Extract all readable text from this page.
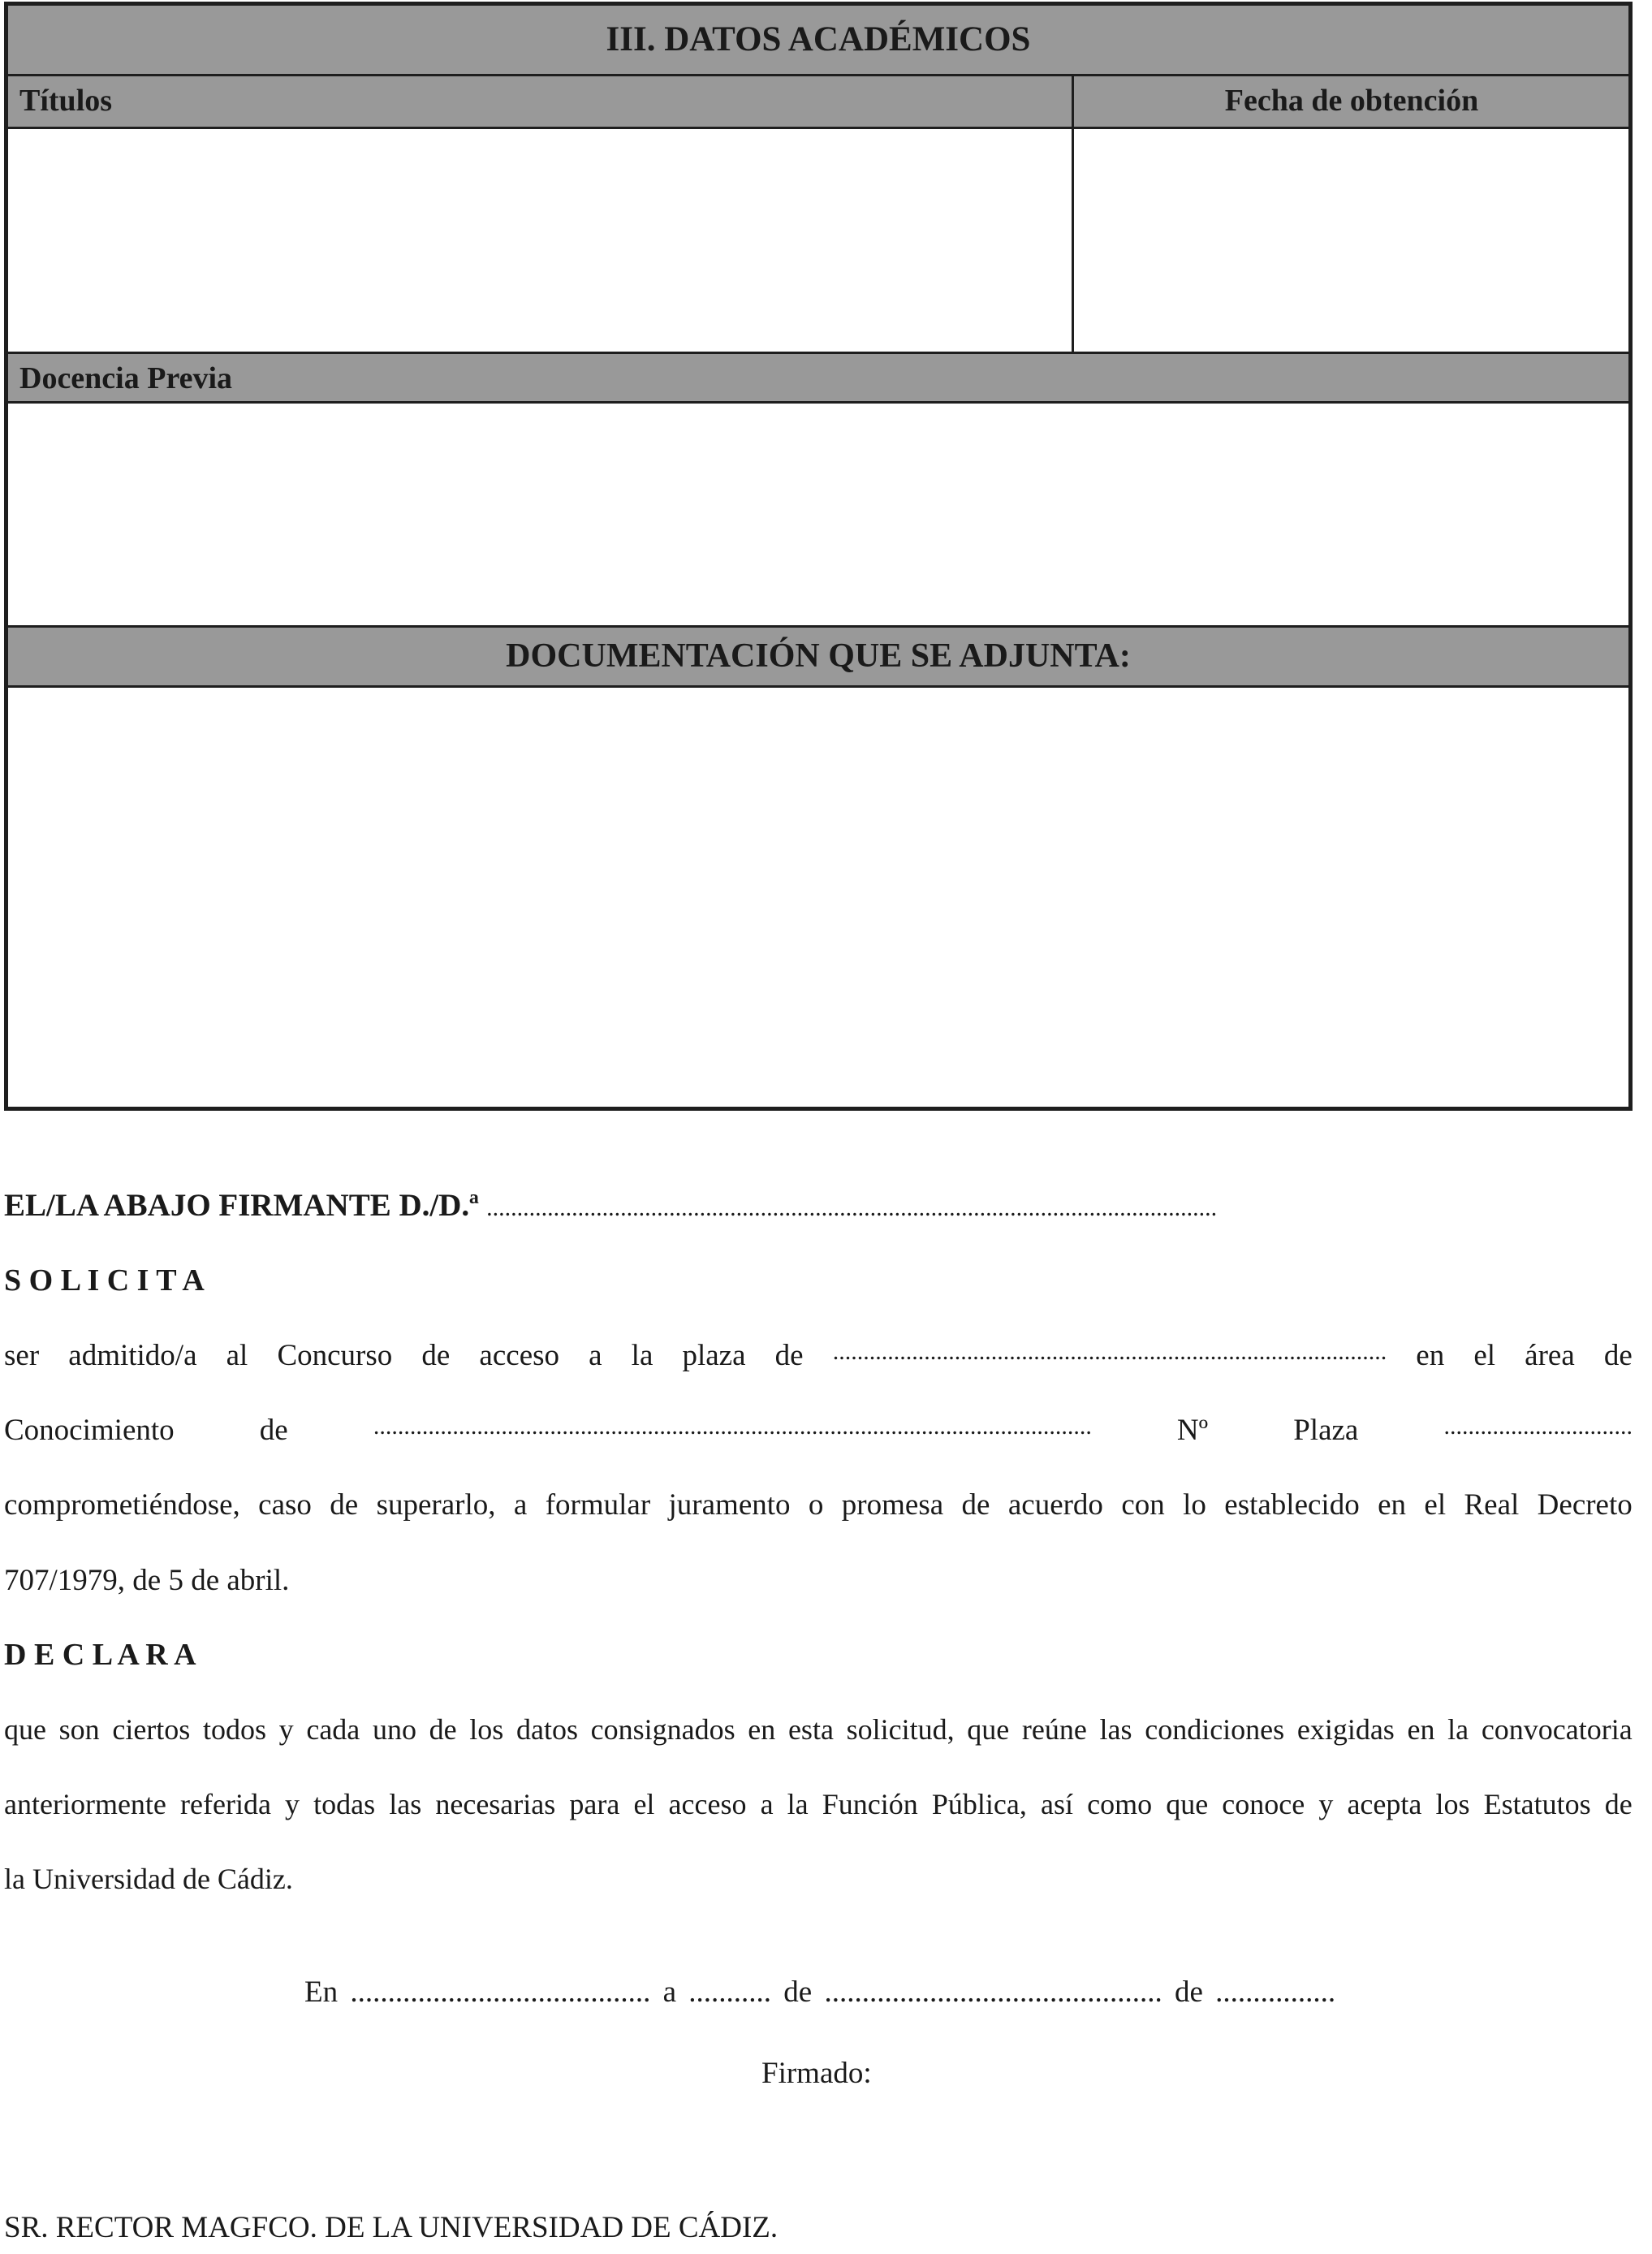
III. DATOS ACADÉMICOS
Títulos	Fecha de obtención
Docencia Previa
DOCUMENTACIÓN QUE SE ADJUNTA:
EL/LA ABAJO FIRMANTE D./D.ª ........................................................................................................................
S O L I C I T A
ser admitido/a al Concurso de acceso a la plaza de ........................................................................................... en el área de
Conocimiento	de	......................................................................................................................	Nº	Plaza	...............................
comprometiéndose, caso de superarlo, a formular juramento o promesa de acuerdo con lo establecido en el Real Decreto
707/1979, de 5 de abril.
D E C L A R A
que son ciertos todos y cada uno de los datos consignados en esta solicitud, que reúne las condiciones exigidas en la convocatoria
anteriormente referida y todas las necesarias para el acceso a la Función Pública, así como que conoce y acepta los Estatutos de
la Universidad de Cádiz.
En ........................................ a ........... de ............................................. de ................
Firmado:
SR. RECTOR MAGFCO. DE LA UNIVERSIDAD DE CÁDIZ.
